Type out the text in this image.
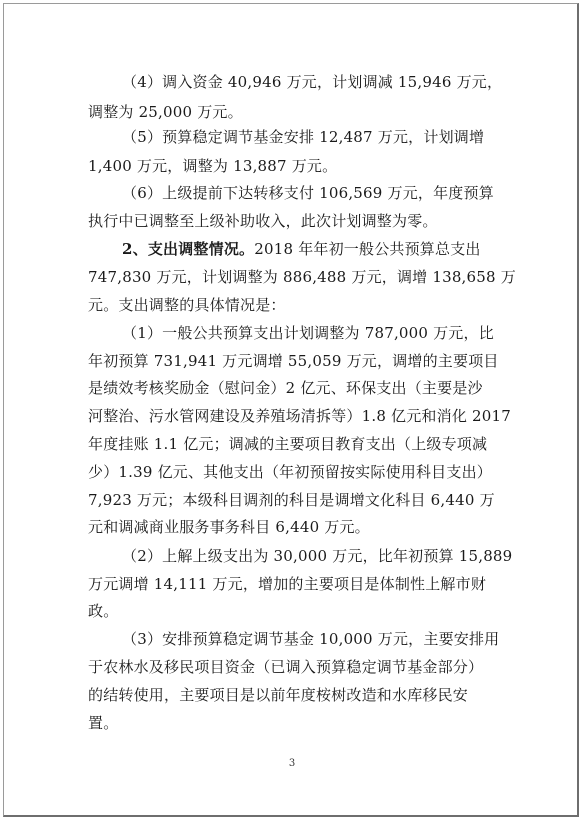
（4）调入资金 40,946 万元，计划调减 15,946 万元，
调整为 25,000 万元。
（5）预算稳定调节基金安排 12,487 万元，计划调增
1,400 万元，调整为 13,887 万元。
（6）上级提前下达转移支付 106,569 万元，年度预算
执行中已调整至上级补助收入，此次计划调整为零。
2、支出调整情况。2018 年年初一般公共预算总支出
747,830 万元，计划调整为 886,488 万元，调增 138,658 万
元。支出调整的具体情况是：
（1）一般公共预算支出计划调整为 787,000 万元，比
年初预算 731,941 万元调增 55,059 万元，调增的主要项目
是绩效考核奖励金（慰问金）2 亿元、环保支出（主要是沙
河整治、污水管网建设及养殖场清拆等）1.8 亿元和消化 2017
年度挂账 1.1 亿元；调减的主要项目教育支出（上级专项减
少）1.39 亿元、其他支出（年初预留按实际使用科目支出）
7,923 万元；本级科目调剂的科目是调增文化科目 6,440 万
元和调减商业服务事务科目 6,440 万元。
（2）上解上级支出为 30,000 万元，比年初预算 15,889
万元调增 14,111 万元，增加的主要项目是体制性上解市财
政。
（3）安排预算稳定调节基金 10,000 万元，主要安排用
于农林水及移民项目资金（已调入预算稳定调节基金部分）
的结转使用，主要项目是以前年度桉树改造和水库移民安
置。
3
